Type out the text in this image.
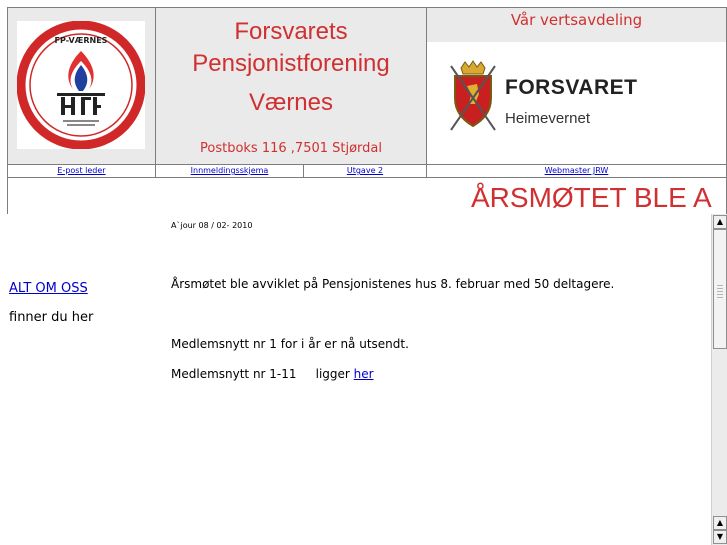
FP-VÆRNES	Forsvarets
Pensjonistforening
Værnes
Postboks 116 ,7501 Stjørdal
Vår vertsavdeling
FORSVARET
Heimevernet
E-post leder	Innmeldingsskjema	Utgave 2	Webmaster JRW
ÅRSMØTET BLE A
ALT OM OSS
finner du her
A`jour 08 / 02- 2010
Årsmøtet ble avviklet på Pensjonistenes hus 8. februar med 50 deltagere.
Medlemsnytt nr 1 for i år er nå utsendt.
Medlemsnytt nr 1-11     ligger her
▲
▲
▼
